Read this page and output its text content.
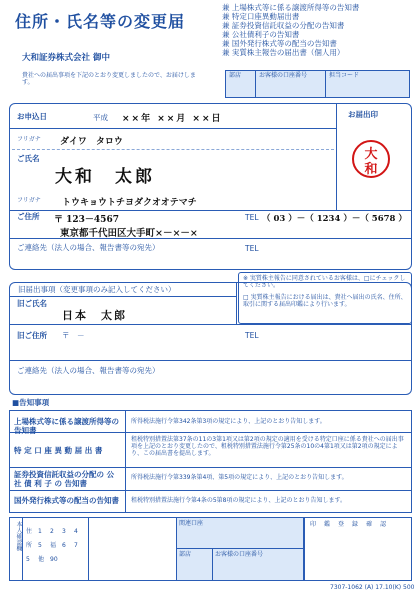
住所・氏名等の変更届
大和証券株式会社 御中
貴社への届出事項を下記のとおり変更しましたので、お届けします。
兼 上場株式等に係る譲渡所得等の告知書
兼 特定口座異動届出書
兼 証券投資信託収益の分配の告知書
兼 公社債利子の告知書
兼 国外発行株式等の配当の告知書
兼 実質株主報告の届出書（個人用）
部店	お客様の口座番号	担当コード
お申込日	平成 ××年 ××月 ××日	お届出印
大
和
フリガナ ダイワ　タロウ
ご氏名
大和　太郎
フリガナ トウキョウトチヨダクオオテマチ
ご住所 〒 123－4567	TEL （ 03 ）－（ 1234 ）－（ 5678 ）
東京都千代田区大手町×－×－×
ご連絡先（法人の場合、報告書等の宛先）	TEL
※ 実質株主報告に同意されているお客様は、□にチェックしてください。
□ 実質株主報告における届出は、貴社へ届出の氏名、住所、取引に関する届出印鑑により行います。
旧届出事項（変更事項のみ記入してください）
旧ご氏名
日本　太郎
旧ご住所 〒　－	TEL
ご連絡先（法人の場合、報告書等の宛先）
■告知事項
上場株式等に係る譲渡所得等の告知書
所得税法施行令第342条第3項の規定により、上記のとおり告知します。
特 定 口 座 異 動 届 出 書
租税特別措置法第37条の11の3第1項又は第2項の規定の適用を受ける特定口座に係る貴社への届出事項を上記のとおり変更したので、租税特別措置法施行令第25条の10の4第1項又は第2項の規定により、この届出書を提出します。
証券投資信託収益の分配の 公 社 債 利 子 の 告知書
所得税法施行令第339条第4項、第5項の規定により、上記のとおり告知します。
国外発行株式等の配当の告知書	租税特別措置法施行令第4条の5第8項の規定により、上記のとおり告知します。
本人確認欄 住 1	2	3	4
所 5	福 6	7
5	他 90
関連口座
部店	お客様の口座番号
印 鑑 登 録 確 認
7307-1062 (A) 17.10(K) 500
